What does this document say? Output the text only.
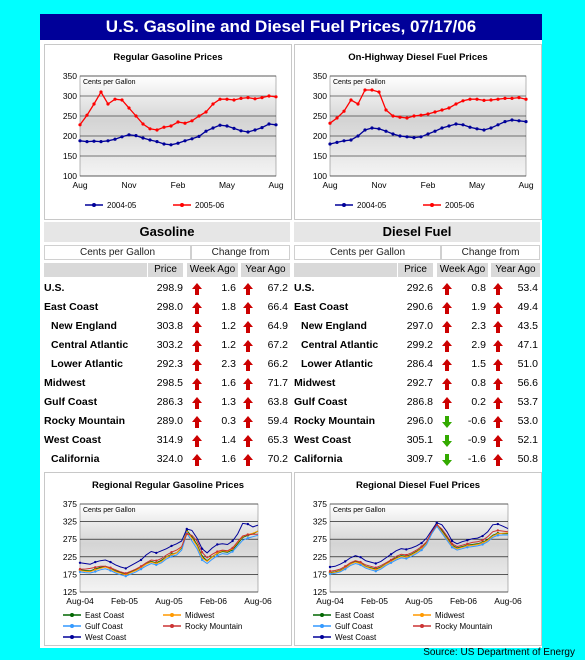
U.S. Gasoline and Diesel Fuel Prices, 07/17/06
Regular Gasoline Prices
100
150
200
250
300
350
Cents per Gallon
Aug	Nov	Feb	May	Aug
2004-05	2005-06
On-Highway Diesel Fuel Prices
100
150
200
250
300
350
Cents per Gallon
Aug	Nov	Feb	May	Aug
2004-05	2005-06
Gasoline
Cents per Gallon	Change from
Price	Week Ago	Year Ago
U.S.	298.9	1.6	67.2
East Coast	298.0	1.8	66.4
New England	303.8	1.2	64.9
Central Atlantic	303.2	1.2	67.2
Lower Atlantic	292.3	2.3	66.2
Midwest	298.5	1.6	71.7
Gulf Coast	286.3	1.3	63.8
Rocky Mountain	289.0	0.3	59.4
West Coast	314.9	1.4	65.3
California	324.0	1.6	70.2
Diesel Fuel
Cents per Gallon	Change from
Price	Week Ago	Year Ago
U.S.	292.6	0.8	53.4
East Coast	290.6	1.9	49.4
New England	297.0	2.3	43.5
Central Atlantic	299.2	2.9	47.1
Lower Atlantic	286.4	1.5	51.0
Midwest	292.7	0.8	56.6
Gulf Coast	286.8	0.2	53.7
Rocky Mountain	296.0	-0.6	53.0
West Coast	305.1	-0.9	52.1
California	309.7	-1.6	50.8
Regional Regular Gasoline Prices
125
175
225
275
325
375
Cents per Gallon
Aug-04 Feb-05 Aug-05 Feb-06 Aug-06
East Coast	Midwest
Gulf Coast	Rocky Mountain
West Coast
Regional Diesel Fuel Prices
125
175
225
275
325
375
Cents per Gallon
Aug-04 Feb-05 Aug-05 Feb-06 Aug-06
East Coast	Midwest
Gulf Coast	Rocky Mountain
West Coast
Source: US Department of Energy
